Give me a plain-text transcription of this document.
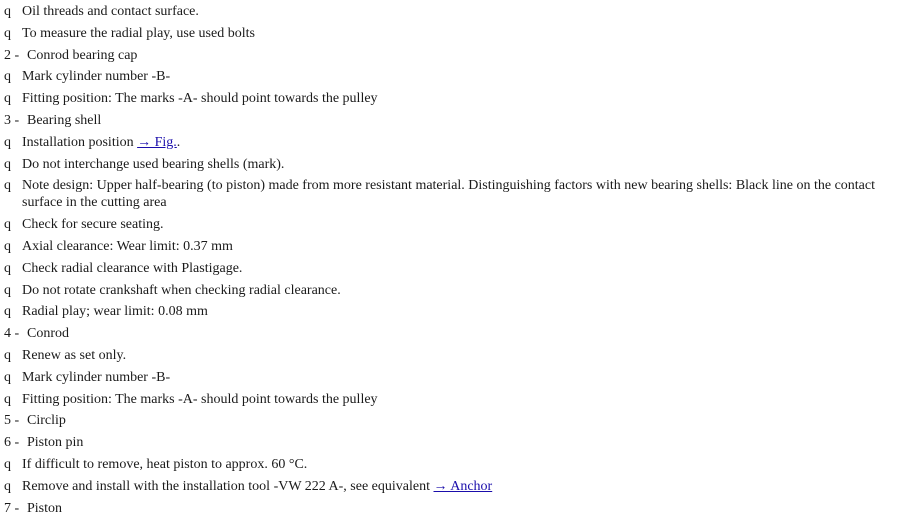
q Oil threads and contact surface.
q To measure the radial play, use used bolts
2 - Conrod bearing cap
q Mark cylinder number -B-
q Fitting position: The marks -A- should point towards the pulley
3 - Bearing shell
q Installation position → Fig..
q Do not interchange used bearing shells (mark).
q Note design: Upper half-bearing (to piston) made from more resistant material. Distinguishing factors with new bearing shells: Black line on the contact surface in the cutting area
q Check for secure seating.
q Axial clearance: Wear limit: 0.37 mm
q Check radial clearance with Plastigage.
q Do not rotate crankshaft when checking radial clearance.
q Radial play; wear limit: 0.08 mm
4 - Conrod
q Renew as set only.
q Mark cylinder number -B-
q Fitting position: The marks -A- should point towards the pulley
5 - Circlip
6 - Piston pin
q If difficult to remove, heat piston to approx. 60 °C.
q Remove and install with the installation tool -VW 222 A-, see equivalent → Anchor
7 - Piston
